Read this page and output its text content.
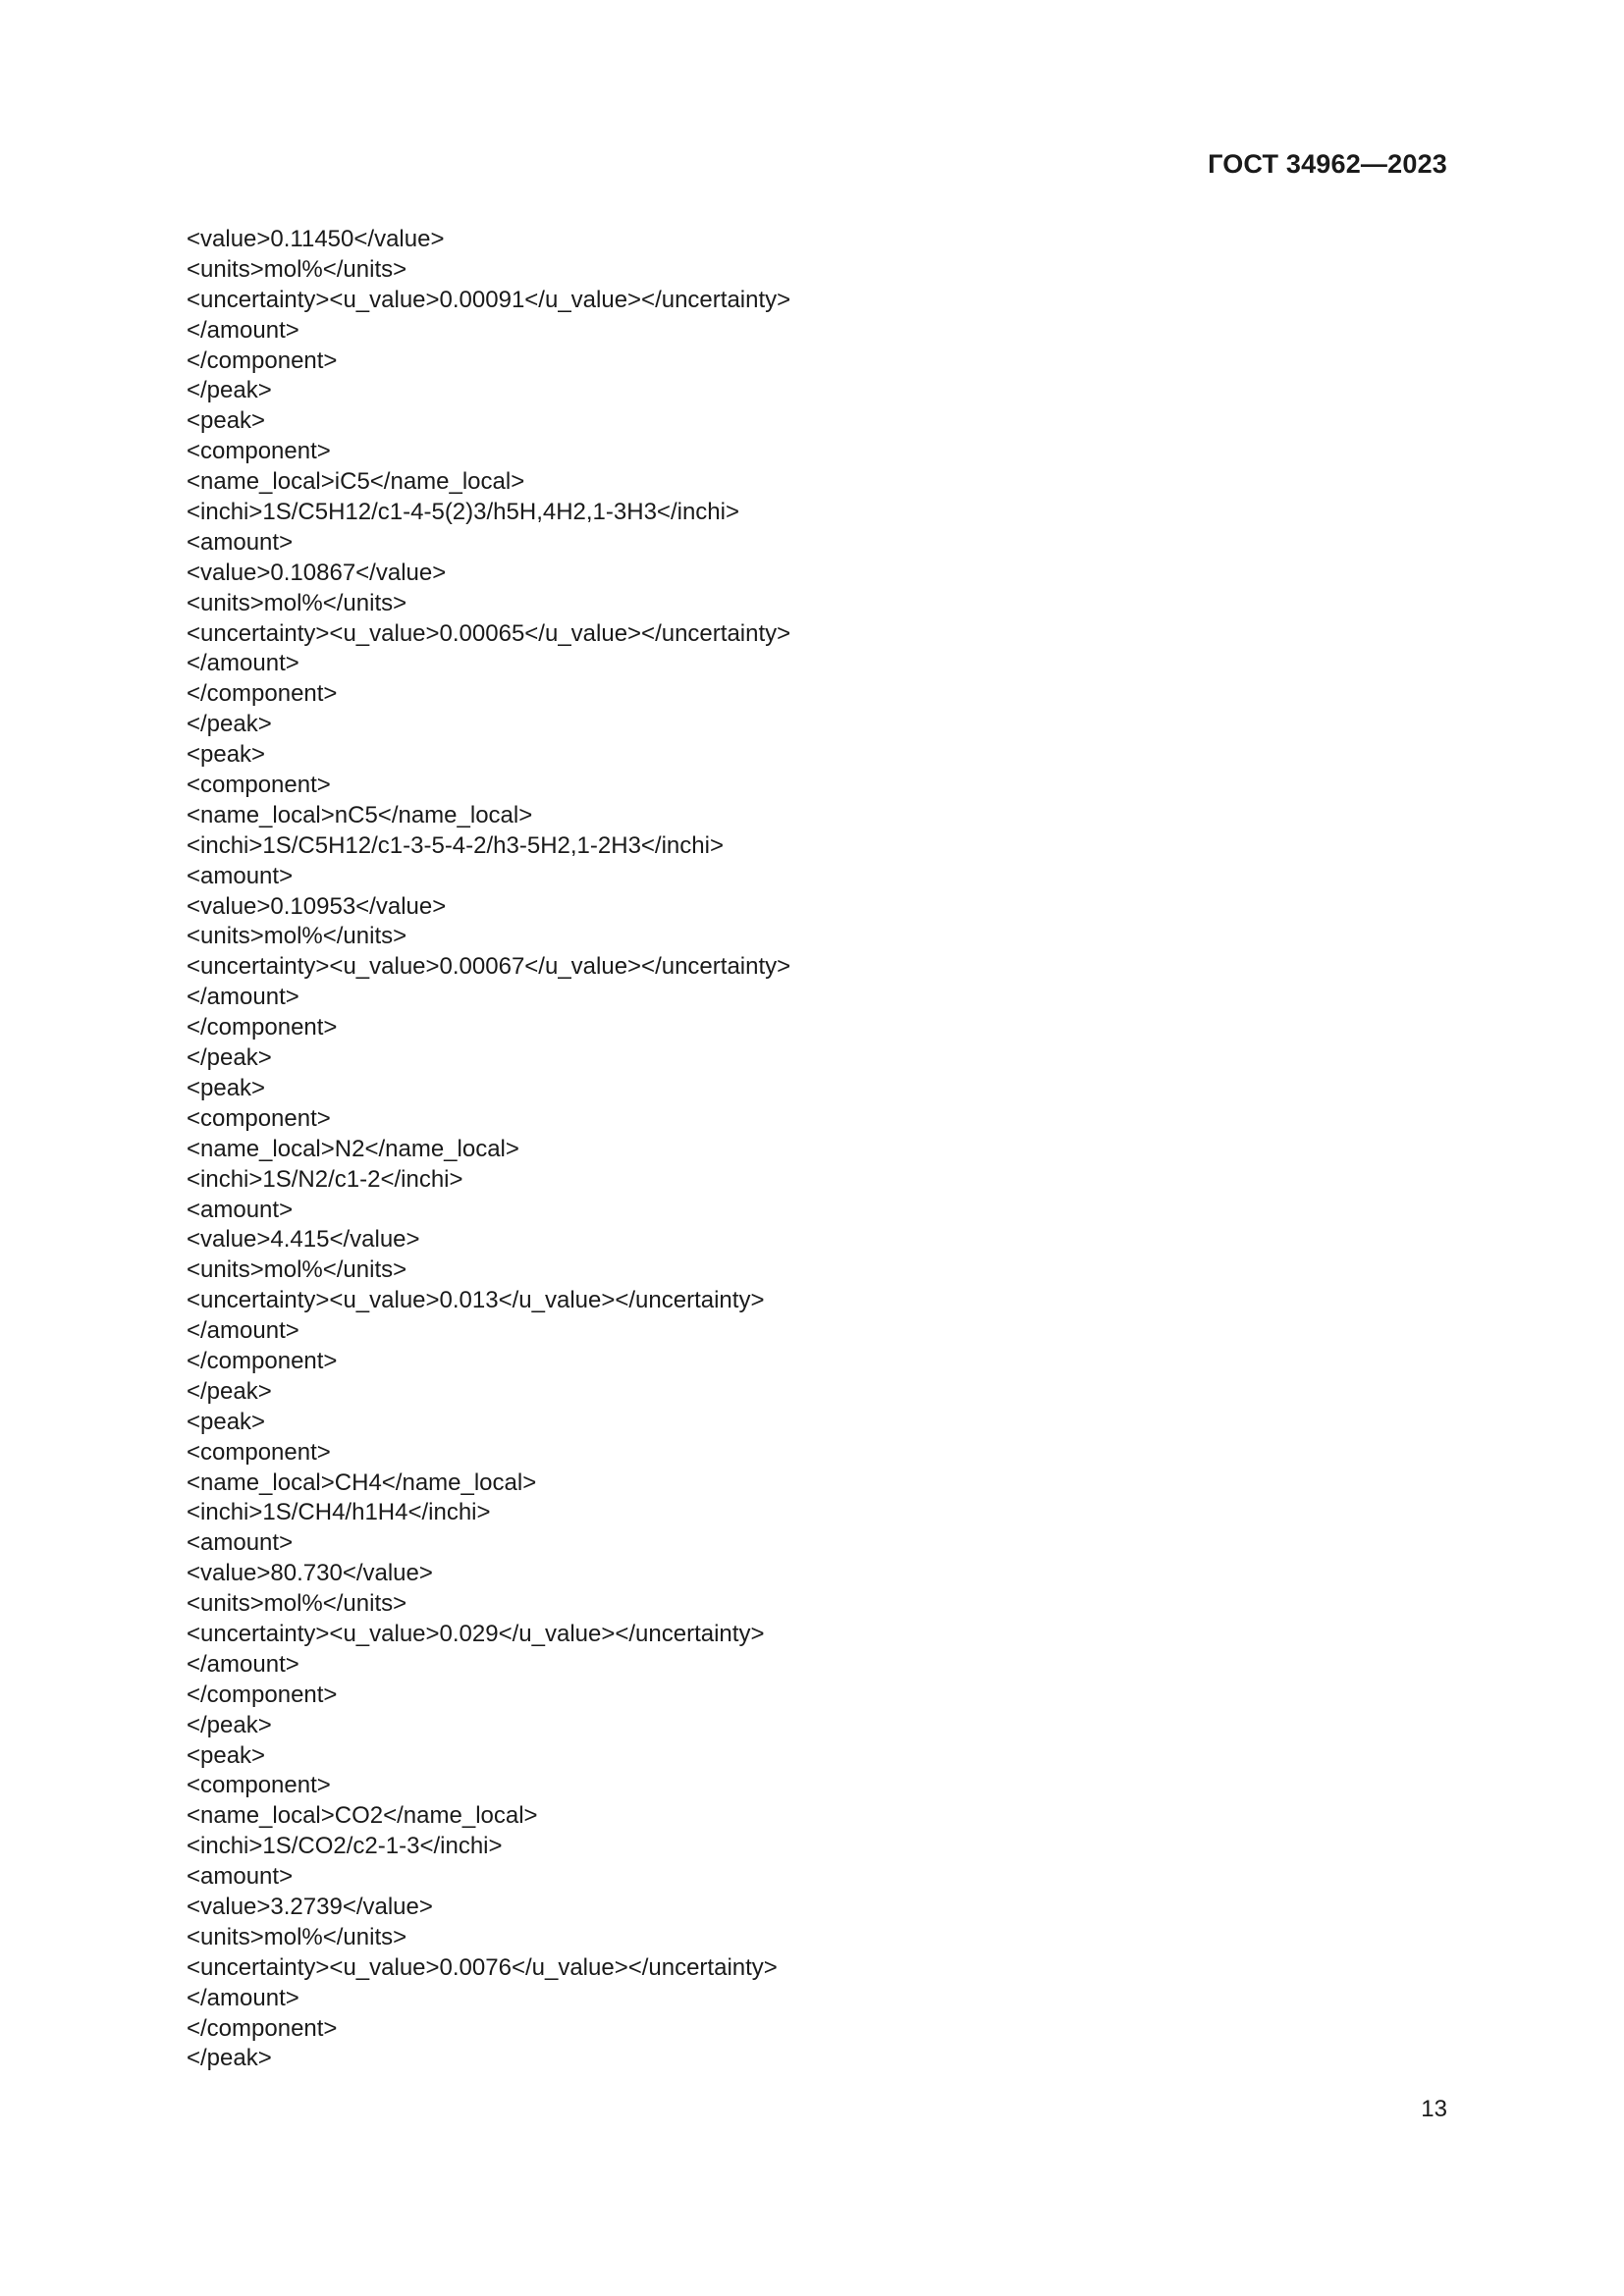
ГОСТ 34962—2023
<value>0.11450</value>
<units>mol%</units>
<uncertainty><u_value>0.00091</u_value></uncertainty>
</amount>
</component>
</peak>
<peak>
<component>
<name_local>iC5</name_local>
<inchi>1S/C5H12/c1-4-5(2)3/h5H,4H2,1-3H3</inchi>
<amount>
<value>0.10867</value>
<units>mol%</units>
<uncertainty><u_value>0.00065</u_value></uncertainty>
</amount>
</component>
</peak>
<peak>
<component>
<name_local>nC5</name_local>
<inchi>1S/C5H12/c1-3-5-4-2/h3-5H2,1-2H3</inchi>
<amount>
<value>0.10953</value>
<units>mol%</units>
<uncertainty><u_value>0.00067</u_value></uncertainty>
</amount>
</component>
</peak>
<peak>
<component>
<name_local>N2</name_local>
<inchi>1S/N2/c1-2</inchi>
<amount>
<value>4.415</value>
<units>mol%</units>
<uncertainty><u_value>0.013</u_value></uncertainty>
</amount>
</component>
</peak>
<peak>
<component>
<name_local>CH4</name_local>
<inchi>1S/CH4/h1H4</inchi>
<amount>
<value>80.730</value>
<units>mol%</units>
<uncertainty><u_value>0.029</u_value></uncertainty>
</amount>
</component>
</peak>
<peak>
<component>
<name_local>CO2</name_local>
<inchi>1S/CO2/c2-1-3</inchi>
<amount>
<value>3.2739</value>
<units>mol%</units>
<uncertainty><u_value>0.0076</u_value></uncertainty>
</amount>
</component>
</peak>
13
